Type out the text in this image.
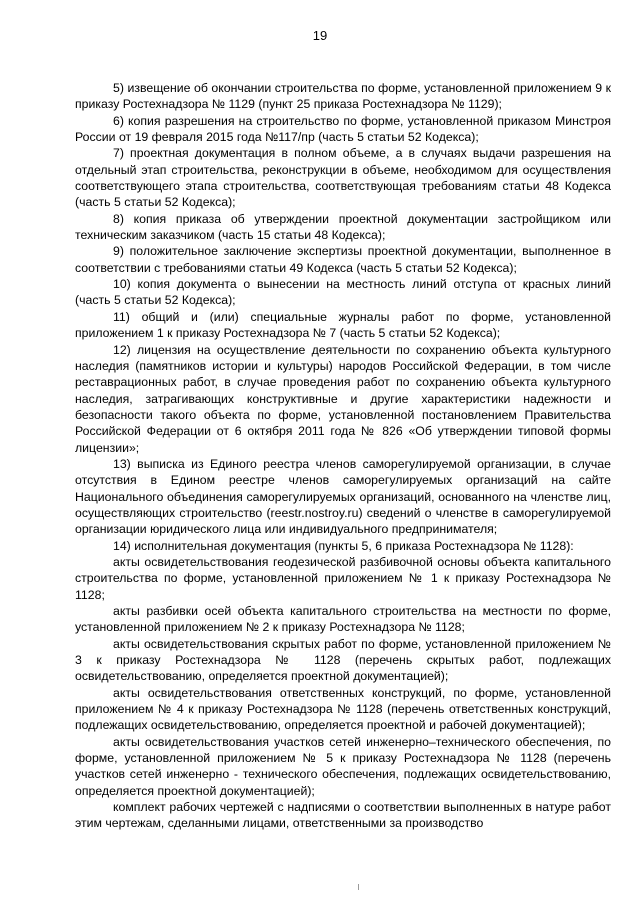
19

5) извещение об окончании строительства по форме, установленной приложением 9 к приказу Ростехнадзора № 1129 (пункт 25 приказа Ростехнадзора № 1129);

6) копия разрешения на строительство по форме, установленной приказом Минстроя России от 19 февраля 2015 года №117/пр (часть 5 статьи 52 Кодекса);

7) проектная документация в полном объеме, а в случаях выдачи разрешения на отдельный этап строительства, реконструкции в объеме, необходимом для осуществления соответствующего этапа строительства, соответствующая требованиям статьи 48 Кодекса (часть 5 статьи 52 Кодекса);

8) копия приказа об утверждении проектной документации застройщиком или техническим заказчиком (часть 15 статьи 48 Кодекса);

9) положительное заключение экспертизы проектной документации, выполненное в соответствии с требованиями статьи 49 Кодекса (часть 5 статьи 52 Кодекса);

10) копия документа о вынесении на местность линий отступа от красных линий (часть 5 статьи 52 Кодекса);

11) общий и (или) специальные журналы работ по форме, установленной приложением 1 к приказу Ростехнадзора № 7 (часть 5 статьи 52 Кодекса);

12) лицензия на осуществление деятельности по сохранению объекта культурного наследия (памятников истории и культуры) народов Российской Федерации, в том числе реставрационных работ, в случае проведения работ по сохранению объекта культурного наследия, затрагивающих конструктивные и другие характеристики надежности и безопасности такого объекта по форме, установленной постановлением Правительства Российской Федерации от 6 октября 2011 года № 826 «Об утверждении типовой формы лицензии»;

13) выписка из Единого реестра членов саморегулируемой организации, в случае отсутствия в Едином реестре членов саморегулируемых организаций на сайте Национального объединения саморегулируемых организаций, основанного на членстве лиц, осуществляющих строительство (reestr.nostroy.ru) сведений о членстве в саморегулируемой организации юридического лица или индивидуального предпринимателя;

14) исполнительная документация (пункты 5, 6 приказа Ростехнадзора № 1128):

акты освидетельствования геодезической разбивочной основы объекта капитального строительства по форме, установленной приложением № 1 к приказу Ростехнадзора № 1128;

акты разбивки осей объекта капитального строительства на местности по форме, установленной приложением № 2 к приказу Ростехнадзора № 1128;

акты освидетельствования скрытых работ по форме, установленной приложением № 3 к приказу Ростехнадзора № 1128 (перечень скрытых работ, подлежащих освидетельствованию, определяется проектной документацией);

акты освидетельствования ответственных конструкций, по форме, установленной приложением № 4 к приказу Ростехнадзора № 1128 (перечень ответственных конструкций, подлежащих освидетельствованию, определяется проектной и рабочей документацией);

акты освидетельствования участков сетей инженерно–технического обеспечения, по форме, установленной приложением № 5 к приказу Ростехнадзора № 1128 (перечень участков сетей инженерно - технического обеспечения, подлежащих освидетельствованию, определяется проектной документацией);

комплект рабочих чертежей с надписями о соответствии выполненных в натуре работ этим чертежам, сделанными лицами, ответственными за производство
